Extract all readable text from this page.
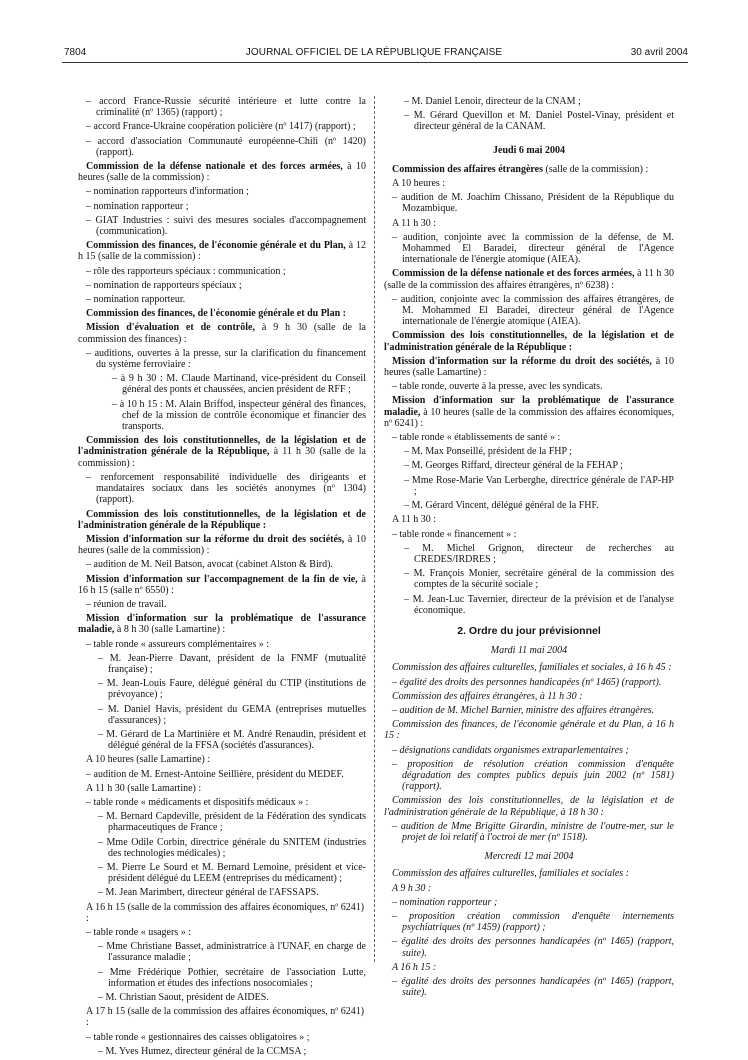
7804	JOURNAL OFFICIEL DE LA RÉPUBLIQUE FRANÇAISE	30 avril 2004
– accord France-Russie sécurité intérieure et lutte contre la criminalité (nº 1365) (rapport) ;
– accord France-Ukraine coopération policière (nº 1417) (rapport) ;
– accord d'association Communauté européenne-Chili (nº 1420) (rapport).
Commission de la défense nationale et des forces armées, à 10 heures (salle de la commission) :
– nomination rapporteurs d'information ;
– nomination rapporteur ;
– GIAT Industries : suivi des mesures sociales d'accompagnement (communication).
Commission des finances, de l'économie générale et du Plan, à 12 h 15 (salle de la commission) :
– rôle des rapporteurs spéciaux : communication ;
– nomination de rapporteurs spéciaux ;
– nomination rapporteur.
Commission des finances, de l'économie générale et du Plan :
Mission d'évaluation et de contrôle, à 9 h 30 (salle de la commission des finances) :
– auditions, ouvertes à la presse, sur la clarification du financement du système ferroviaire :
– à 9 h 30 : M. Claude Martinand, vice-président du Conseil général des ponts et chaussées, ancien président de RFF ;
– à 10 h 15 : M. Alain Briffod, inspecteur général des finances, chef de la mission de contrôle économique et financier des transports.
Commission des lois constitutionnelles, de la législation et de l'administration générale de la République, à 11 h 30 (salle de la commission) :
– renforcement responsabilité individuelle des dirigeants et mandataires sociaux dans les sociétés anonymes (nº 1304) (rapport).
Commission des lois constitutionnelles, de la législation et de l'administration générale de la République :
Mission d'information sur la réforme du droit des sociétés, à 10 heures (salle de la commission) :
– audition de M. Neil Batson, avocat (cabinet Alston & Bird).
Mission d'information sur l'accompagnement de la fin de vie, à 16 h 15 (salle nº 6550) :
– réunion de travail.
Mission d'information sur la problématique de l'assurance maladie, à 8 h 30 (salle Lamartine) :
– table ronde « assureurs complémentaires » :
– M. Jean-Pierre Davant, président de la FNMF (mutualité française) ;
– M. Jean-Louis Faure, délégué général du CTIP (institutions de prévoyance) ;
– M. Daniel Havis, président du GEMA (entreprises mutuelles d'assurances) ;
– M. Gérard de La Martinière et M. André Renaudin, président et délégué général de la FFSA (sociétés d'assurances).
A 10 heures (salle Lamartine) :
– audition de M. Ernest-Antoine Seillière, président du MEDEF.
A 11 h 30 (salle Lamartine) :
– table ronde « médicaments et dispositifs médicaux » :
– M. Bernard Capdeville, président de la Fédération des syndicats pharmaceutiques de France ;
– Mme Odile Corbin, directrice générale du SNITEM (industries des technologies médicales) ;
– M. Pierre Le Sourd et M. Bernard Lemoine, président et vice-président délégué du LEEM (entreprises du médicament) ;
– M. Jean Marimbert, directeur général de l'AFSSAPS.
A 16 h 15 (salle de la commission des affaires économiques, nº 6241) :
– table ronde « usagers » :
– Mme Christiane Basset, administratrice à l'UNAF, en charge de l'assurance maladie ;
– Mme Frédérique Pothier, secrétaire de l'association Lutte, information et études des infections nosocomiales ;
– M. Christian Saout, président de AIDES.
A 17 h 15 (salle de la commission des affaires économiques, nº 6241) :
– table ronde « gestionnaires des caisses obligatoires » ;
– M. Yves Humez, directeur général de la CCMSA ;
– M. Daniel Lenoir, directeur de la CNAM ;
– M. Gérard Quevillon et M. Daniel Postel-Vinay, président et directeur général de la CANAM.
Jeudi 6 mai 2004
Commission des affaires étrangères (salle de la commission) :
A 10 heures :
– audition de M. Joachim Chissano, Président de la République du Mozambique.
A 11 h 30 :
– audition, conjointe avec la commission de la défense, de M. Mohammed El Baradei, directeur général de l'Agence internationale de l'énergie atomique (AIEA).
Commission de la défense nationale et des forces armées, à 11 h 30 (salle de la commission des affaires étrangères, nº 6238) :
– audition, conjointe avec la commission des affaires étrangères, de M. Mohammed El Baradei, directeur général de l'Agence internationale de l'énergie atomique (AIEA).
Commission des lois constitutionnelles, de la législation et de l'administration générale de la République :
Mission d'information sur la réforme du droit des sociétés, à 10 heures (salle Lamartine) :
– table ronde, ouverte à la presse, avec les syndicats.
Mission d'information sur la problématique de l'assurance maladie, à 10 heures (salle de la commission des affaires économiques, nº 6241) :
– table ronde « établissements de santé » :
– M. Max Ponseillé, président de la FHP ;
– M. Georges Riffard, directeur général de la FEHAP ;
– Mme Rose-Marie Van Lerberghe, directrice générale de l'AP-HP ;
– M. Gérard Vincent, délégué général de la FHF.
A 11 h 30 :
– table ronde « financement » :
– M. Michel Grignon, directeur de recherches au CREDES/IRDRES ;
– M. François Monier, secrétaire général de la commission des comptes de la sécurité sociale ;
– M. Jean-Luc Tavernier, directeur de la prévision et de l'analyse économique.
2. Ordre du jour prévisionnel
Mardi 11 mai 2004
Commission des affaires culturelles, familiales et sociales, à 16 h 45 :
– égalité des droits des personnes handicapées (nº 1465) (rapport).
Commission des affaires étrangères, à 11 h 30 :
– audition de M. Michel Barnier, ministre des affaires étrangères.
Commission des finances, de l'économie générale et du Plan, à 16 h 15 :
– désignations candidats organismes extraparlementaires ;
– proposition de résolution création commission d'enquête dégradation des comptes publics depuis juin 2002 (nº 1581) (rapport).
Commission des lois constitutionnelles, de la législation et de l'administration générale de la République, à 18 h 30 :
– audition de Mme Brigitte Girardin, ministre de l'outre-mer, sur le projet de loi relatif à l'octroi de mer (nº 1518).
Mercredi 12 mai 2004
Commission des affaires culturelles, familiales et sociales :
A 9 h 30 :
– nomination rapporteur ;
– proposition création commission d'enquête internements psychiatriques (nº 1459) (rapport) ;
– égalité des droits des personnes handicapées (nº 1465) (rapport, suite).
A 16 h 15 :
– égalité des droits des personnes handicapées (nº 1465) (rapport, suite).
